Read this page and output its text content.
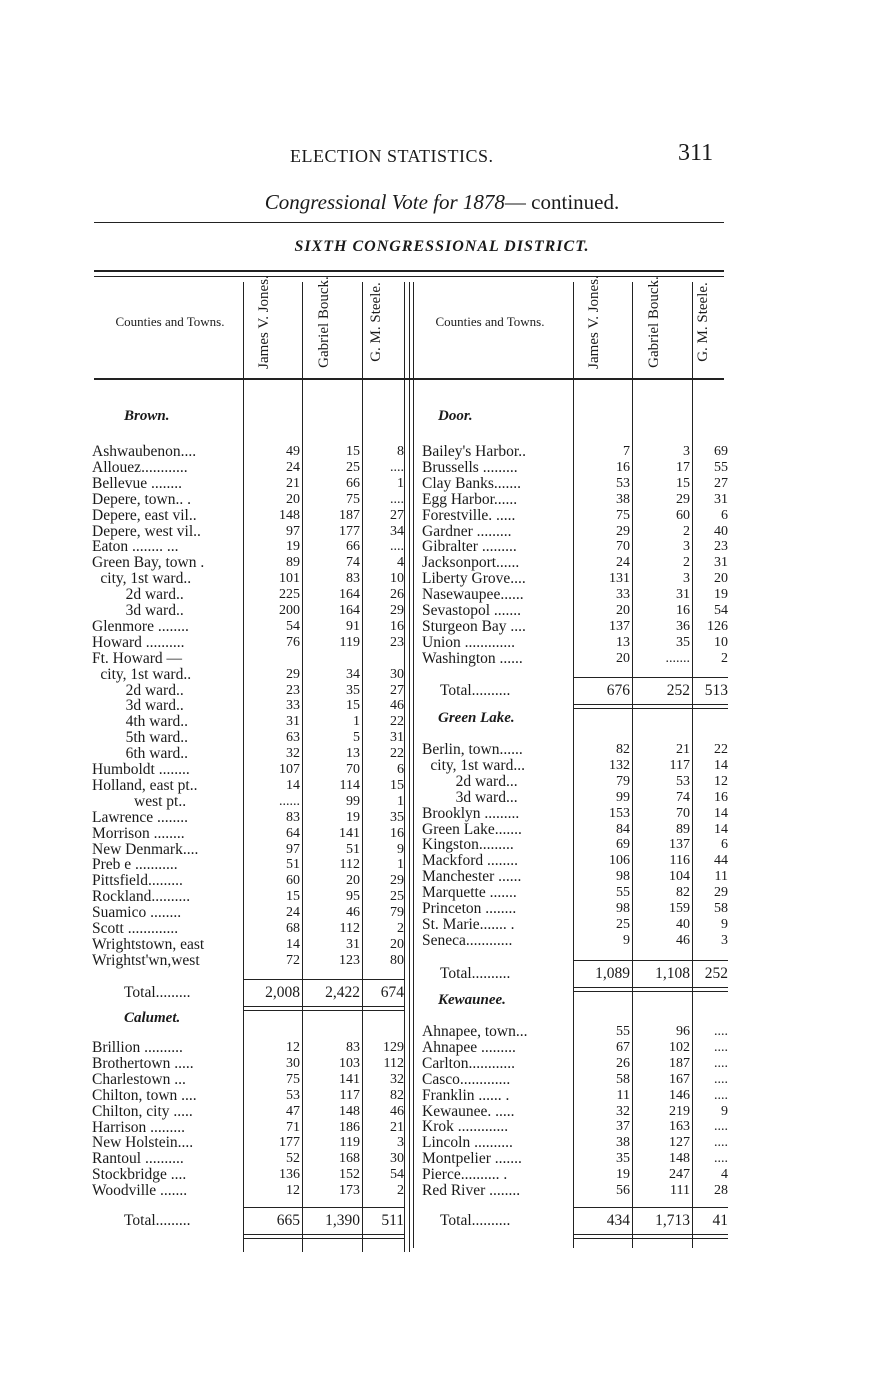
ELECTION STATISTICS.	311
Congressional Vote for 1878— continued.
SIXTH CONGRESSIONAL DISTRICT.
Counties and Towns.	James V. Jones.	Gabriel Bouck. G. M. Steele.	Counties and Towns.	James V. Jones.	Gabriel Bouck. G. M. Steele.
Brown.
Ashwaubenon....	49	15	8
Allouez............	24	25	....
Bellevue ........	21	66	1
Depere, town.. .	20	75	....
Depere, east vil..	148	187	27
Depere, west vil..	97	177	34
Eaton ........ ...	19	66	....
Green Bay, town .	89	74	4
city, 1st ward..	101	83	10
2d ward..	225	164	26
3d ward..	200	164	29
Glenmore ........	54	91	16
Howard ..........	76	119	23
Ft. Howard —
city, 1st ward..	29	34	30
2d ward..	23	35	27
3d ward..	33	15	46
4th ward..	31	1	22
5th ward..	63	5	31
6th ward..	32	13	22
Humboldt ........	107	70	6
Holland, east pt..	14	114	15
west pt..	......	99	1
Lawrence ........	83	19	35
Morrison ........	64	141	16
New Denmark....	97	51	9
Preb e ...........	51	112	1
Pittsfield.........	60	20	29
Rockland..........	15	95	25
Suamico ........	24	46	79
Scott .............	68	112	2
Wrightstown, east	14	31	20
Wrightst'wn,west	72	123	80
Total.........	2,008	2,422	674
Calumet.
Brillion ..........	12	83	129
Brothertown .....	30	103	112
Charlestown ...	75	141	32
Chilton, town ....	53	117	82
Chilton, city .....	47	148	46
Harrison .........	71	186	21
New Holstein....	177	119	3
Rantoul ..........	52	168	30
Stockbridge ....	136	152	54
Woodville .......	12	173	2
Total.........	665	1,390	511
Door.
Bailey's Harbor..	7	3	69
Brussells .........	16	17	55
Clay Banks.......	53	15	27
Egg Harbor......	38	29	31
Forestville. .....	75	60	6
Gardner .........	29	2	40
Gibralter .........	70	3	23
Jacksonport......	24	2	31
Liberty Grove....	131	3	20
Nasewaupee......	33	31	19
Sevastopol .......	20	16	54
Sturgeon Bay ....	137	36	126
Union .............	13	35	10
Washington ......	20	.......	2
Total..........	676	252 513
Green Lake.
Berlin, town......	82	21	22
city, 1st ward...	132	117	14
2d ward...	79	53	12
3d ward...	99	74	16
Brooklyn .........	153	70	14
Green Lake.......	84	89	14
Kingston.........	69	137	6
Mackford ........	106	116	44
Manchester ......	98	104	11
Marquette .......	55	82	29
Princeton ........	98	159	58
St. Marie....... .	25	40	9
Seneca............	9	46	3
Total..........	1,089	1,108 252
Kewaunee.
Ahnapee, town...	55	96	....
Ahnapee .........	67	102	....
Carlton............	26	187	....
Casco.............	58	167	....
Franklin ...... .	11	146	....
Kewaunee. .....	32	219	9
Krok .............	37	163	....
Lincoln ..........	38	127	....
Montpelier .......	35	148	....
Pierce.......... .	19	247	4
Red River ........	56	111	28
Total..........	434	1,713	41
